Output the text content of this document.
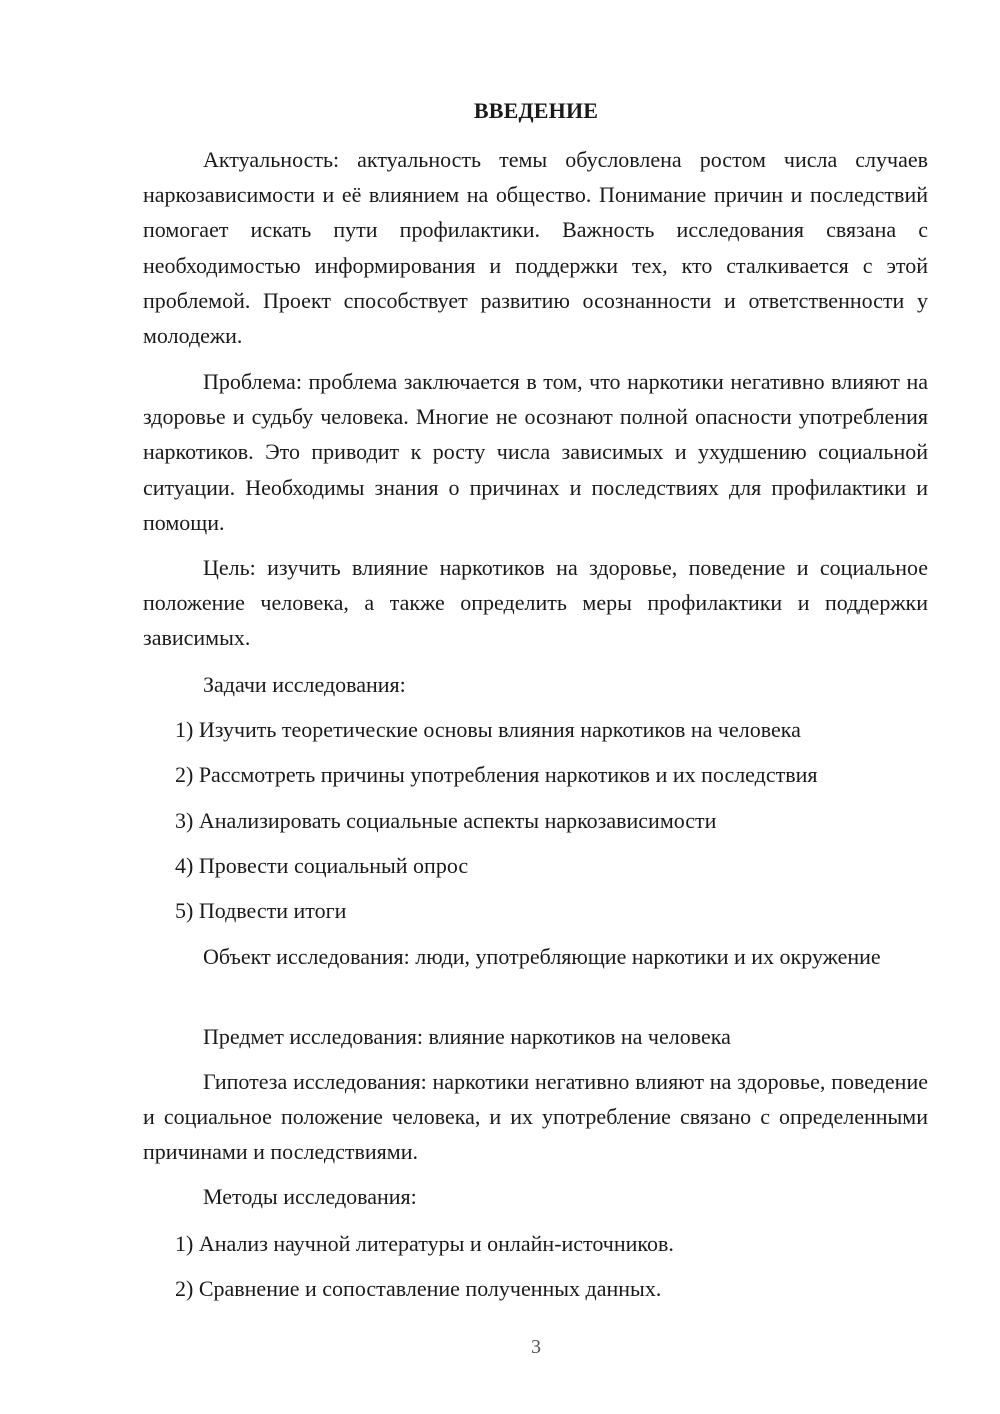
ВВЕДЕНИЕ

Актуальность: актуальность темы обусловлена ростом числа случаев наркозависимости и её влиянием на общество. Понимание причин и последствий помогает искать пути профилактики. Важность исследования связана с необходимостью информирования и поддержки тех, кто сталкивается с этой проблемой. Проект способствует развитию осознанности и ответственности у молодежи.

Проблема: проблема заключается в том, что наркотики негативно влияют на здоровье и судьбу человека. Многие не осознают полной опасности употребления наркотиков. Это приводит к росту числа зависимых и ухудшению социальной ситуации. Необходимы знания о причинах и последствиях для профилактики и помощи.

Цель: изучить влияние наркотиков на здоровье, поведение и социальное положение человека, а также определить меры профилактики и поддержки зависимых.

Задачи исследования:

1) Изучить теоретические основы влияния наркотиков на человека

2) Рассмотреть причины употребления наркотиков и их последствия

3) Анализировать социальные аспекты наркозависимости

4) Провести социальный опрос

5) Подвести итоги

Объект исследования: люди, употребляющие наркотики и их окружение

Предмет исследования: влияние наркотиков на человека

Гипотеза исследования: наркотики негативно влияют на здоровье, поведение и социальное положение человека, и их употребление связано с определенными причинами и последствиями.

Методы исследования:

1) Анализ научной литературы и онлайн-источников.

2) Сравнение и сопоставление полученных данных.

3
